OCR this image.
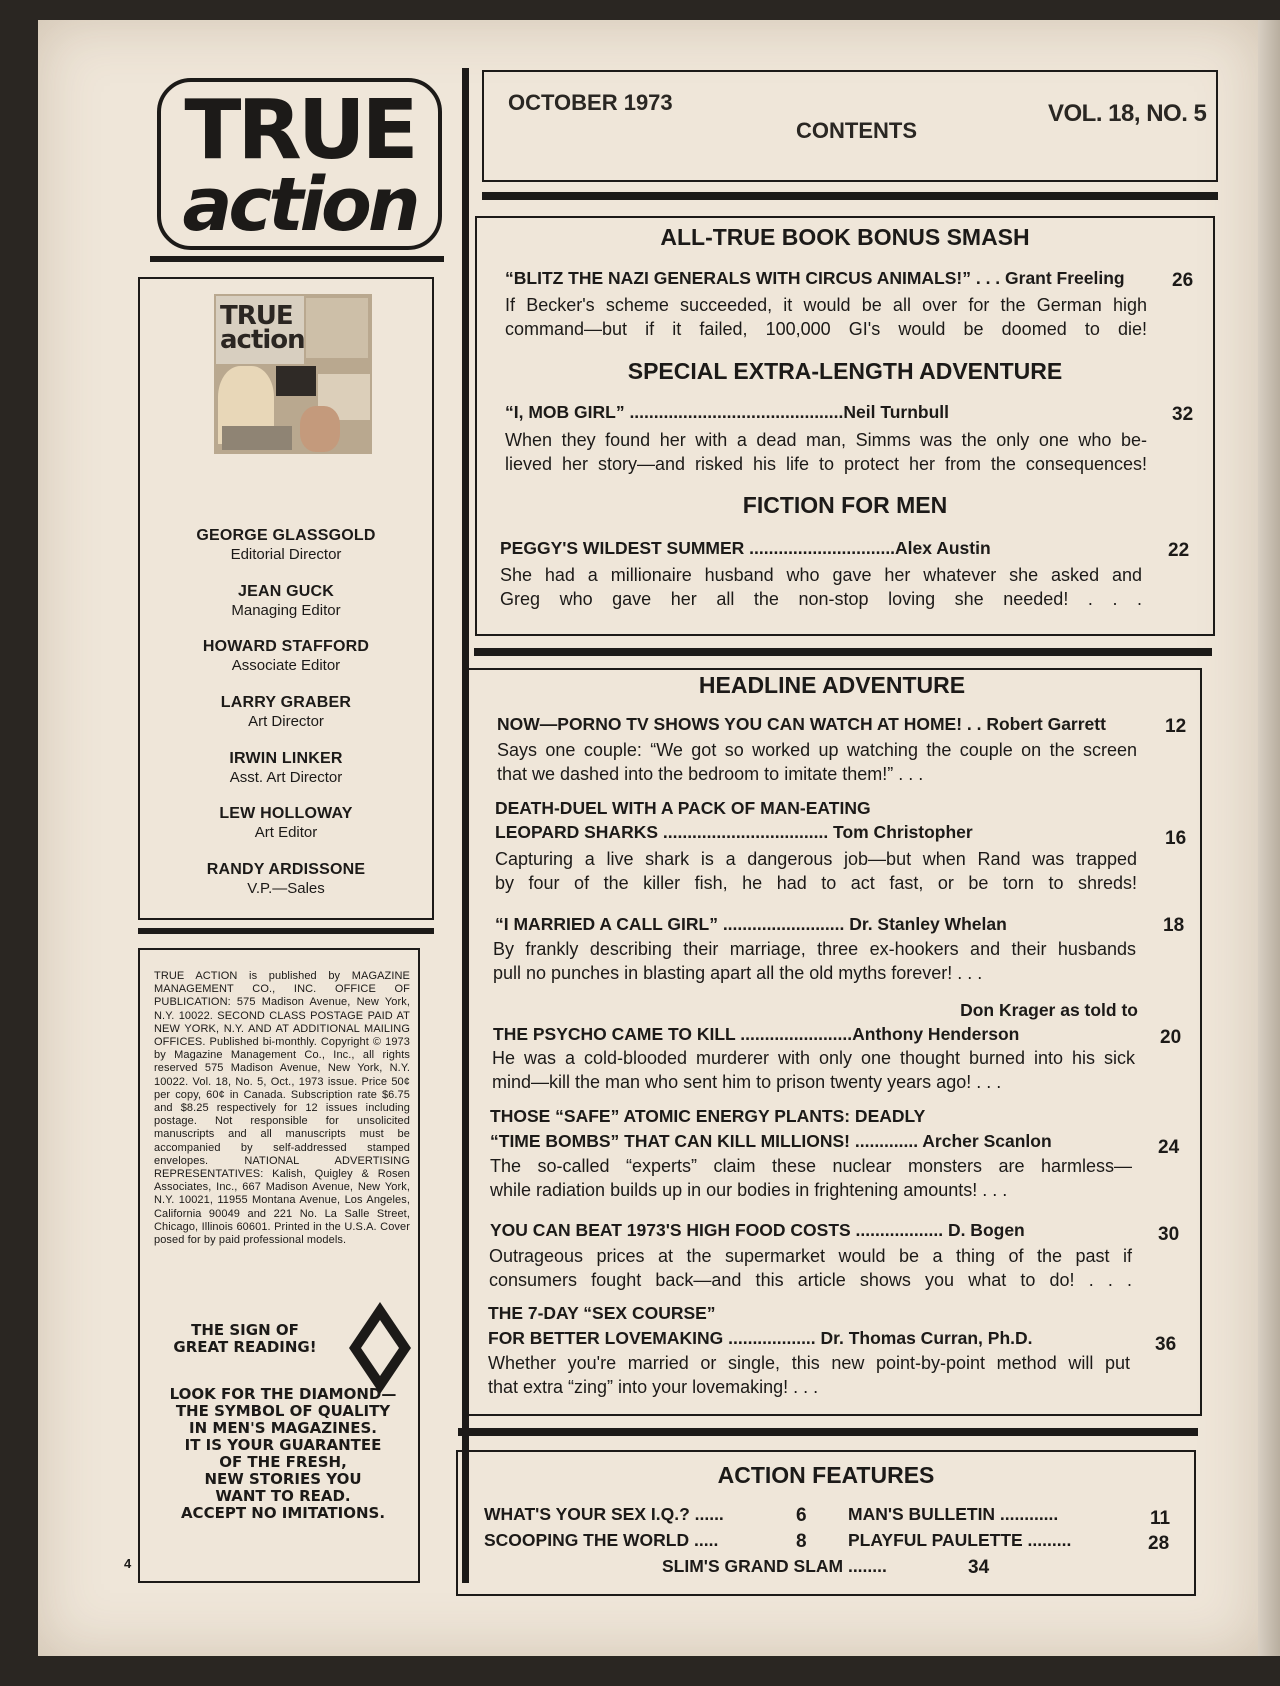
TRUE
action
TRUE action
GEORGE GLASSGOLD
Editorial Director
JEAN GUCK
Managing Editor
HOWARD STAFFORD
Associate Editor
LARRY GRABER
Art Director
IRWIN LINKER
Asst. Art Director
LEW HOLLOWAY
Art Editor
RANDY ARDISSONE
V.P.—Sales
TRUE ACTION is published by MAGAZINE MANAGEMENT CO., INC. OFFICE OF PUBLICATION: 575 Madison Avenue, New York, N.Y. 10022. SECOND CLASS POSTAGE PAID AT NEW YORK, N.Y. AND AT ADDITIONAL MAILING OFFICES. Published bi-monthly. Copyright © 1973 by Magazine Management Co., Inc., all rights reserved 575 Madison Avenue, New York, N.Y. 10022. Vol. 18, No. 5, Oct., 1973 issue. Price 50¢ per copy, 60¢ in Canada. Subscription rate $6.75 and $8.25 respectively for 12 issues including postage. Not responsible for unsolicited manuscripts and all manuscripts must be accompanied by self-addressed stamped envelopes. NATIONAL ADVERTISING REPRESENTATIVES: Kalish, Quigley & Rosen Associates, Inc., 667 Madison Avenue, New York, N.Y. 10021, 11955 Montana Avenue, Los Angeles, California 90049 and 221 No. La Salle Street, Chicago, Illinois 60601. Printed in the U.S.A. Cover posed for by paid professional models.
THE SIGN OF
GREAT READING!
LOOK FOR THE DIAMOND—
THE SYMBOL OF QUALITY
IN MEN'S MAGAZINES.
IT IS YOUR GUARANTEE
OF THE FRESH,
NEW STORIES YOU
WANT TO READ.
ACCEPT NO IMITATIONS.
4
OCTOBER 1973
CONTENTS
VOL. 18, NO. 5
ALL-TRUE BOOK BONUS SMASH
“BLITZ THE NAZI GENERALS WITH CIRCUS ANIMALS!” . . . Grant Freeling	26
If Becker's scheme succeeded, it would be all over for the German high
command—but if it failed, 100,000 GI's would be doomed to die!
SPECIAL EXTRA-LENGTH ADVENTURE
“I, MOB GIRL” ............................................Neil Turnbull	32
When they found her with a dead man, Simms was the only one who be-
lieved her story—and risked his life to protect her from the consequences!
FICTION FOR MEN
PEGGY'S WILDEST SUMMER ..............................Alex Austin	22
She had a millionaire husband who gave her whatever she asked and
Greg who gave her all the non-stop loving she needed! . . .
HEADLINE ADVENTURE
NOW—PORNO TV SHOWS YOU CAN WATCH AT HOME! . . Robert Garrett	12
Says one couple: “We got so worked up watching the couple on the screen
that we dashed into the bedroom to imitate them!” . . .
DEATH-DUEL WITH A PACK OF MAN-EATING
LEOPARD SHARKS .................................. Tom Christopher	16
Capturing a live shark is a dangerous job—but when Rand was trapped
by four of the killer fish, he had to act fast, or be torn to shreds!
“I MARRIED A CALL GIRL” ......................... Dr. Stanley Whelan	18
By frankly describing their marriage, three ex-hookers and their husbands
pull no punches in blasting apart all the old myths forever! . . .
Don Krager as told to
THE PSYCHO CAME TO KILL .......................Anthony Henderson	20
He was a cold-blooded murderer with only one thought burned into his sick
mind—kill the man who sent him to prison twenty years ago! . . .
THOSE “SAFE” ATOMIC ENERGY PLANTS: DEADLY
“TIME BOMBS” THAT CAN KILL MILLIONS! ............. Archer Scanlon	24
The so-called “experts” claim these nuclear monsters are harmless—
while radiation builds up in our bodies in frightening amounts! . . .
YOU CAN BEAT 1973'S HIGH FOOD COSTS .................. D. Bogen	30
Outrageous prices at the supermarket would be a thing of the past if
consumers fought back—and this article shows you what to do! . . .
THE 7-DAY “SEX COURSE”
FOR BETTER LOVEMAKING .................. Dr. Thomas Curran, Ph.D.	36
Whether you're married or single, this new point-by-point method will put
that extra “zing” into your lovemaking! . . .
ACTION FEATURES
WHAT'S YOUR SEX I.Q.? ......	6
SCOOPING THE WORLD .....	8
MAN'S BULLETIN ............	11
PLAYFUL PAULETTE .........	28
SLIM'S GRAND SLAM ........	34
